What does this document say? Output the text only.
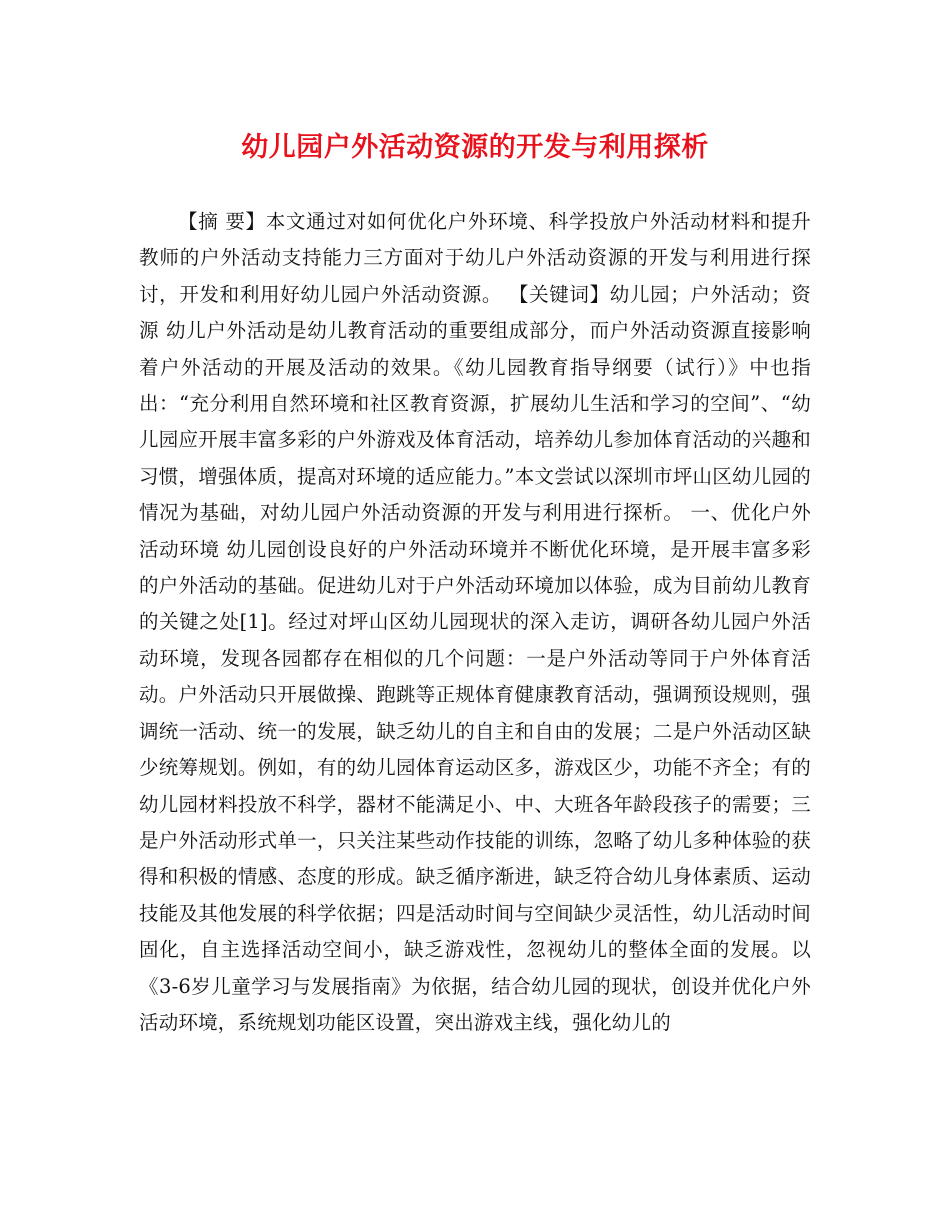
幼儿园户外活动资源的开发与利用探析

【摘 要】本文通过对如何优化户外环境、科学投放户外活动材料和提升教师的户外活动支持能力三方面对于幼儿户外活动资源的开发与利用进行探讨，开发和利用好幼儿园户外活动资源。 【关键词】幼儿园；户外活动；资源 幼儿户外活动是幼儿教育活动的重要组成部分，而户外活动资源直接影响着户外活动的开展及活动的效果。《幼儿园教育指导纲要（试行）》中也指出：“充分利用自然环境和社区教育资源，扩展幼儿生活和学习的空间”、“幼儿园应开展丰富多彩的户外游戏及体育活动，培养幼儿参加体育活动的兴趣和习惯，增强体质，提高对环境的适应能力。”本文尝试以深圳市坪山区幼儿园的情况为基础，对幼儿园户外活动资源的开发与利用进行探析。 一、优化户外活动环境 幼儿园创设良好的户外活动环境并不断优化环境，是开展丰富多彩的户外活动的基础。促进幼儿对于户外活动环境加以体验，成为目前幼儿教育的关键之处[1]。经过对坪山区幼儿园现状的深入走访，调研各幼儿园户外活动环境，发现各园都存在相似的几个问题：一是户外活动等同于户外体育活动。户外活动只开展做操、跑跳等正规体育健康教育活动，强调预设规则，强调统一活动、统一的发展，缺乏幼儿的自主和自由的发展；二是户外活动区缺少统筹规划。例如，有的幼儿园体育运动区多，游戏区少，功能不齐全；有的幼儿园材料投放不科学，器材不能满足小、中、大班各年龄段孩子的需要；三是户外活动形式单一，只关注某些动作技能的训练，忽略了幼儿多种体验的获得和积极的情感、态度的形成。缺乏循序渐进，缺乏符合幼儿身体素质、运动技能及其他发展的科学依据；四是活动时间与空间缺少灵活性，幼儿活动时间固化，自主选择活动空间小，缺乏游戏性，忽视幼儿的整体全面的发展。以《3-6岁儿童学习与发展指南》为依据，结合幼儿园的现状，创设并优化户外活动环境，系统规划功能区设置，突出游戏主线，强化幼儿的
